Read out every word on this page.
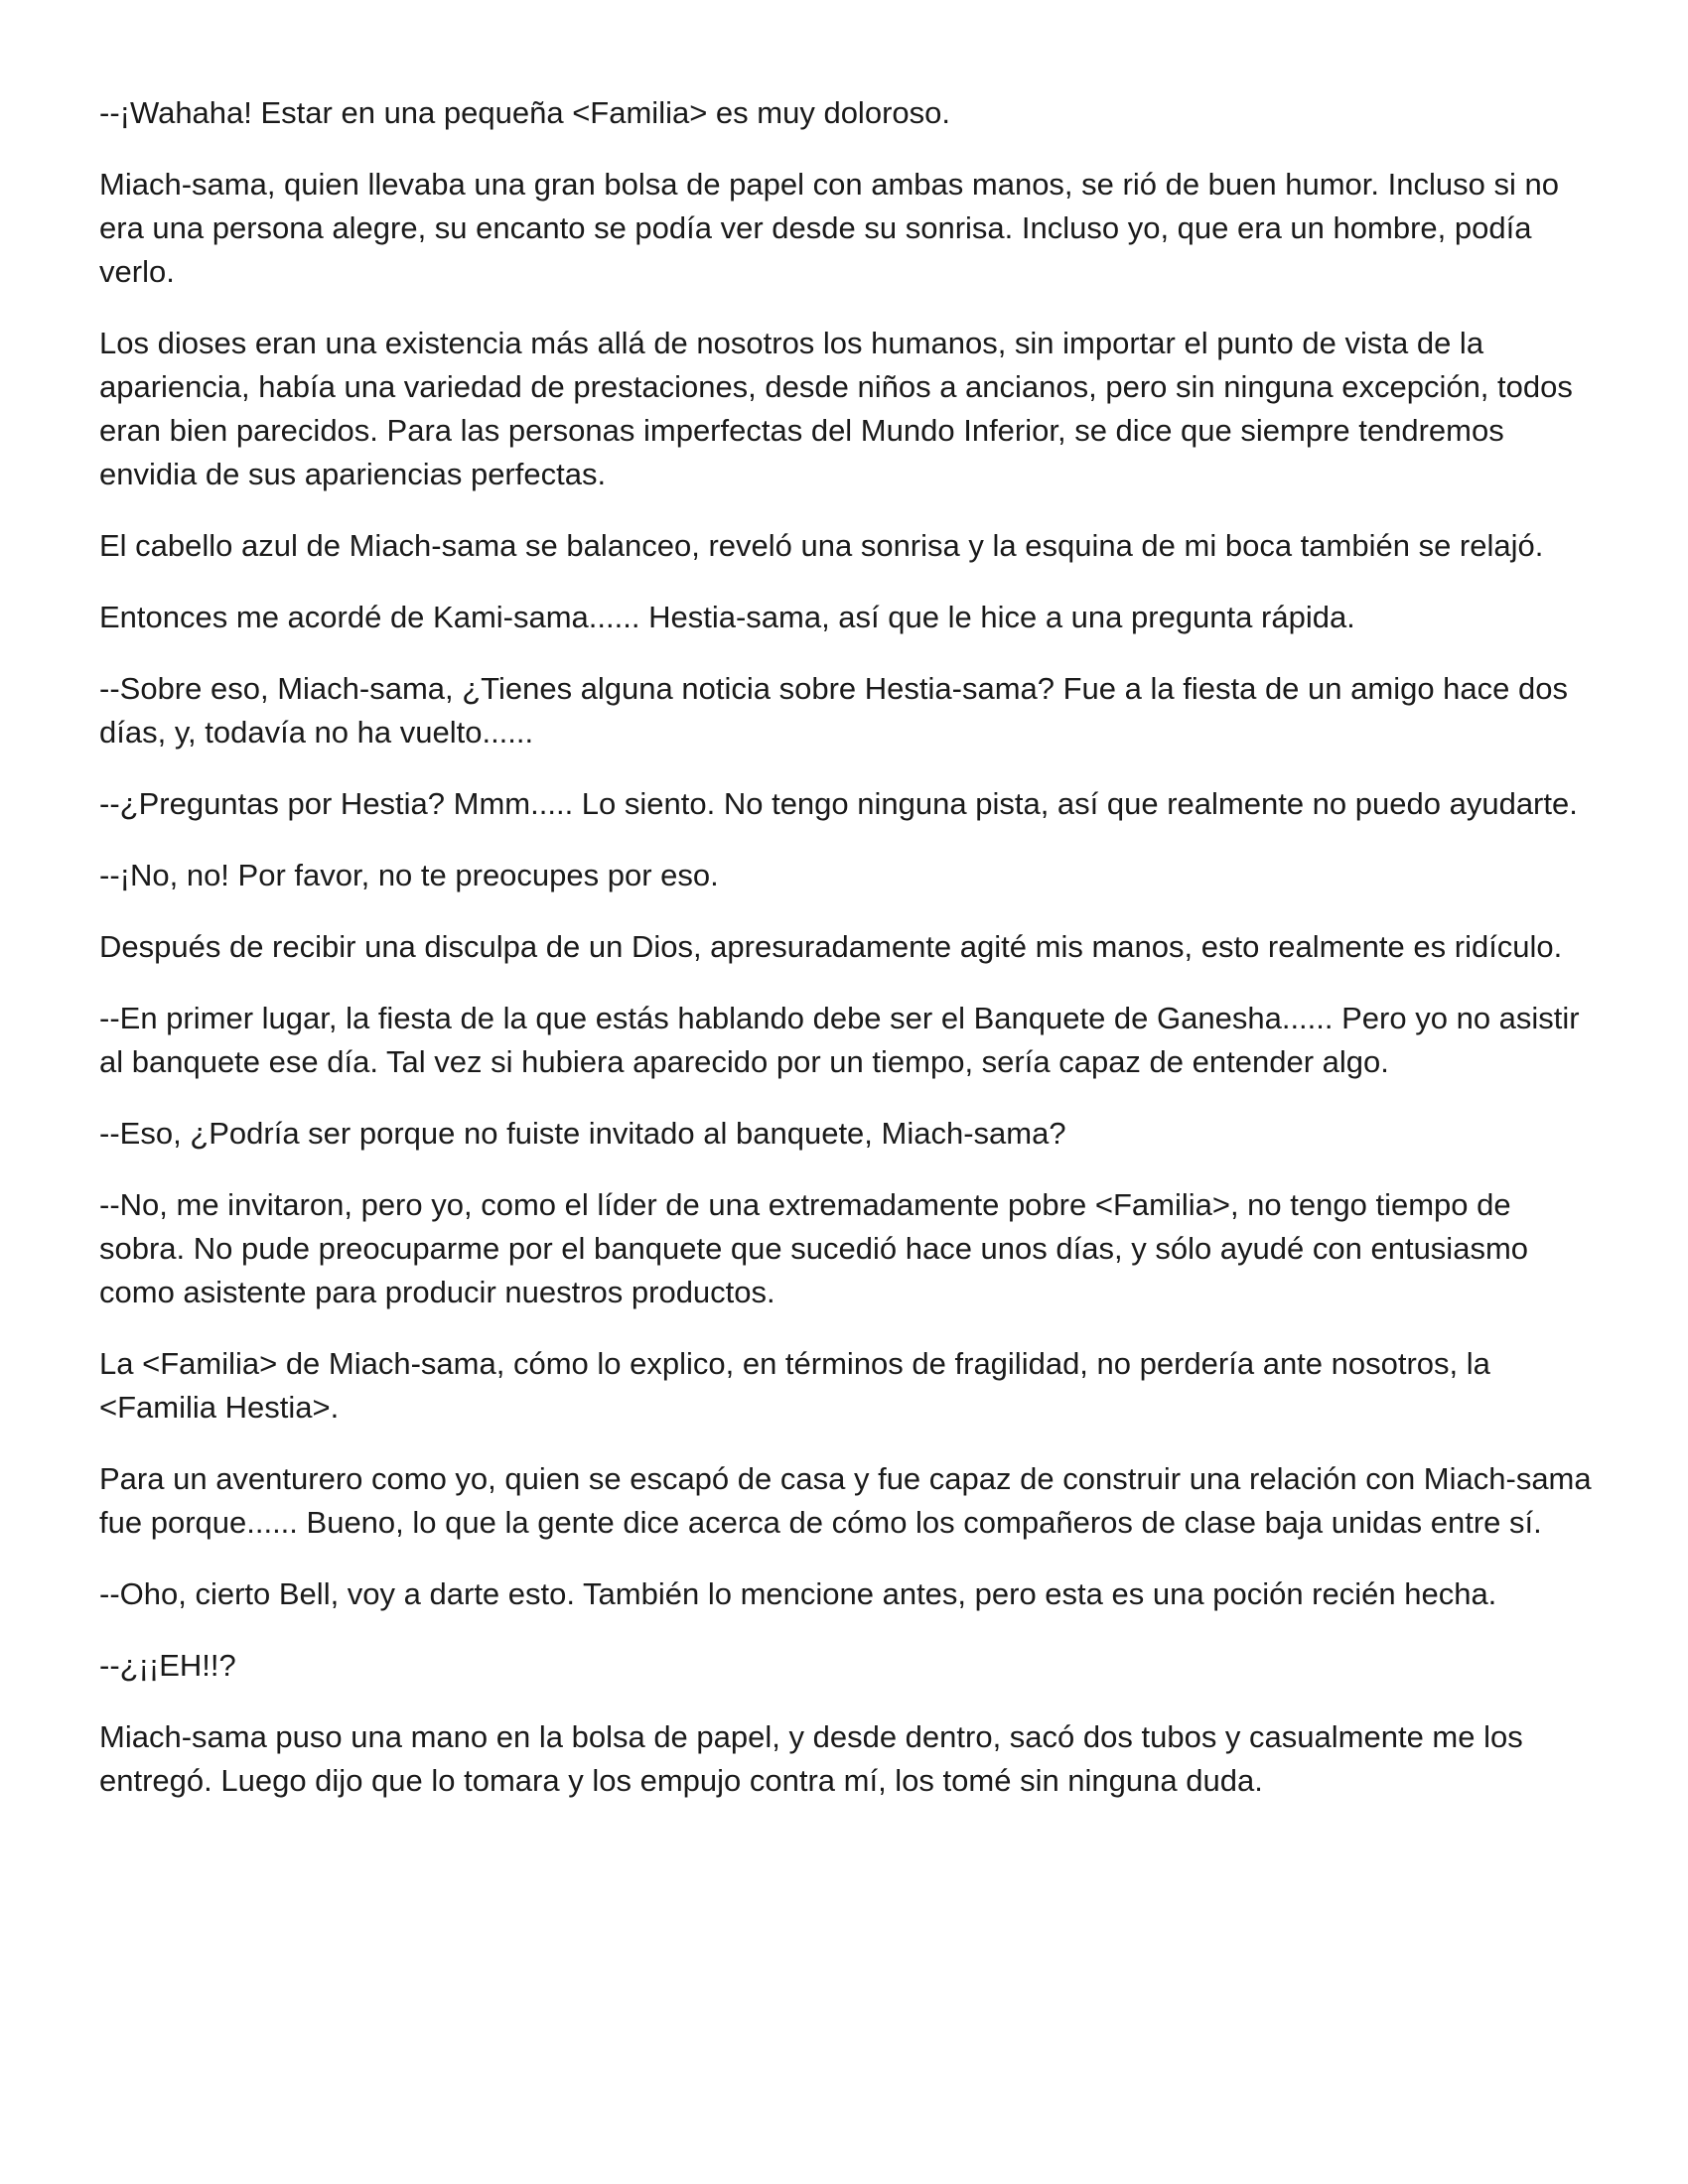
--¡Wahaha! Estar en una pequeña <Familia> es muy doloroso.

Miach-sama, quien llevaba una gran bolsa de papel con ambas manos, se rió de buen humor. Incluso si no era una persona alegre, su encanto se podía ver desde su sonrisa. Incluso yo, que era un hombre, podía verlo.

Los dioses eran una existencia más allá de nosotros los humanos, sin importar el punto de vista de la apariencia, había una variedad de prestaciones, desde niños a ancianos, pero sin ninguna excepción, todos eran bien parecidos. Para las personas imperfectas del Mundo Inferior, se dice que siempre tendremos envidia de sus apariencias perfectas.

El cabello azul de Miach-sama se balanceo, reveló una sonrisa y la esquina de mi boca también se relajó.

Entonces me acordé de Kami-sama...... Hestia-sama, así que le hice a una pregunta rápida.

--Sobre eso, Miach-sama, ¿Tienes alguna noticia sobre Hestia-sama? Fue a la fiesta de un amigo hace dos días, y, todavía no ha vuelto......

--¿Preguntas por Hestia? Mmm..... Lo siento. No tengo ninguna pista, así que realmente no puedo ayudarte.

--¡No, no! Por favor, no te preocupes por eso.

Después de recibir una disculpa de un Dios, apresuradamente agité mis manos, esto realmente es ridículo.

--En primer lugar, la fiesta de la que estás hablando debe ser el Banquete de Ganesha...... Pero yo no asistir al banquete ese día. Tal vez si hubiera aparecido por un tiempo, sería capaz de entender algo.

--Eso, ¿Podría ser porque no fuiste invitado al banquete, Miach-sama?

--No, me invitaron, pero yo, como el líder de una extremadamente pobre <Familia>, no tengo tiempo de sobra. No pude preocuparme por el banquete que sucedió hace unos días, y sólo ayudé con entusiasmo como asistente para producir nuestros productos.

La <Familia> de Miach-sama, cómo lo explico, en términos de fragilidad, no perdería ante nosotros, la <Familia Hestia>.

Para un aventurero como yo, quien se escapó de casa y fue capaz de construir una relación con Miach-sama fue porque...... Bueno, lo que la gente dice acerca de cómo los compañeros de clase baja unidas entre sí.

--Oho, cierto Bell, voy a darte esto. También lo mencione antes, pero esta es una poción recién hecha.

--¿¡¡EH!!?

Miach-sama puso una mano en la bolsa de papel, y desde dentro, sacó dos tubos y casualmente me los entregó. Luego dijo que lo tomara y los empujo contra mí, los tomé sin ninguna duda.
